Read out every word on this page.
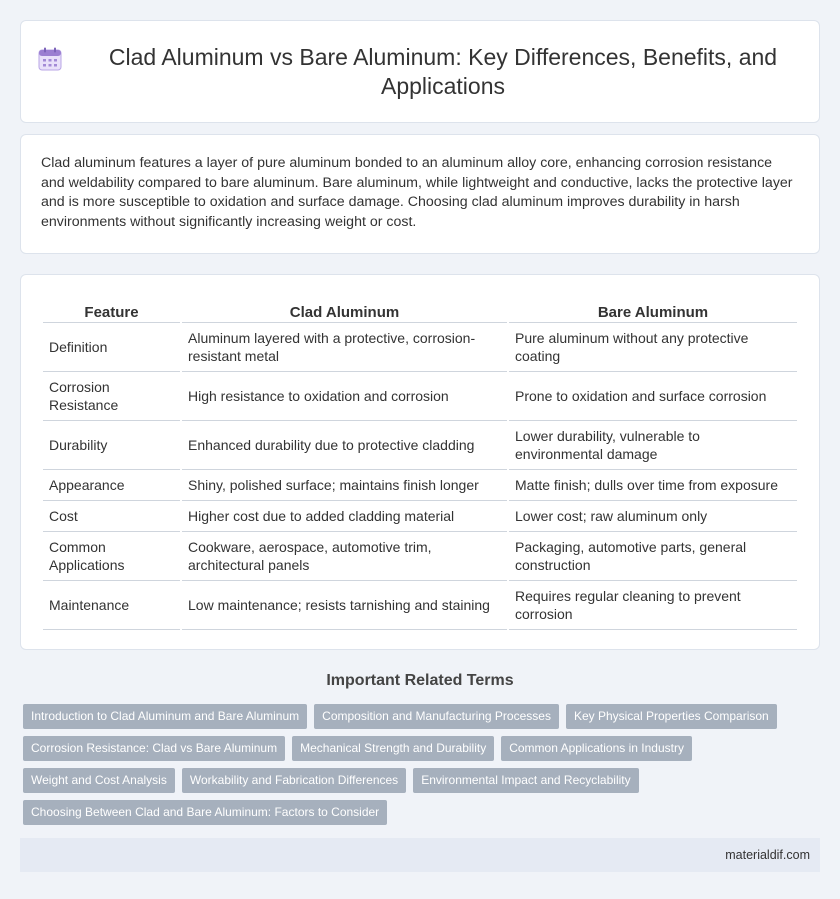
Clad Aluminum vs Bare Aluminum: Key Differences, Benefits, and Applications

Clad aluminum features a layer of pure aluminum bonded to an aluminum alloy core, enhancing corrosion resistance and weldability compared to bare aluminum. Bare aluminum, while lightweight and conductive, lacks the protective layer and is more susceptible to oxidation and surface damage. Choosing clad aluminum improves durability in harsh environments without significantly increasing weight or cost.

Feature	Clad Aluminum	Bare Aluminum
Definition	Aluminum layered with a protective, corrosion-resistant metal	Pure aluminum without any protective coating
Corrosion Resistance	High resistance to oxidation and corrosion	Prone to oxidation and surface corrosion
Durability	Enhanced durability due to protective cladding	Lower durability, vulnerable to environmental damage
Appearance	Shiny, polished surface; maintains finish longer	Matte finish; dulls over time from exposure
Cost	Higher cost due to added cladding material	Lower cost; raw aluminum only
Common Applications	Cookware, aerospace, automotive trim, architectural panels	Packaging, automotive parts, general construction
Maintenance	Low maintenance; resists tarnishing and staining	Requires regular cleaning to prevent corrosion
Important Related Terms
Introduction to Clad Aluminum and Bare Aluminum	Composition and Manufacturing Processes	Key Physical Properties Comparison
Corrosion Resistance: Clad vs Bare Aluminum	Mechanical Strength and Durability	Common Applications in Industry
Weight and Cost Analysis	Workability and Fabrication Differences	Environmental Impact and Recyclability
Choosing Between Clad and Bare Aluminum: Factors to Consider
materialdif.com
